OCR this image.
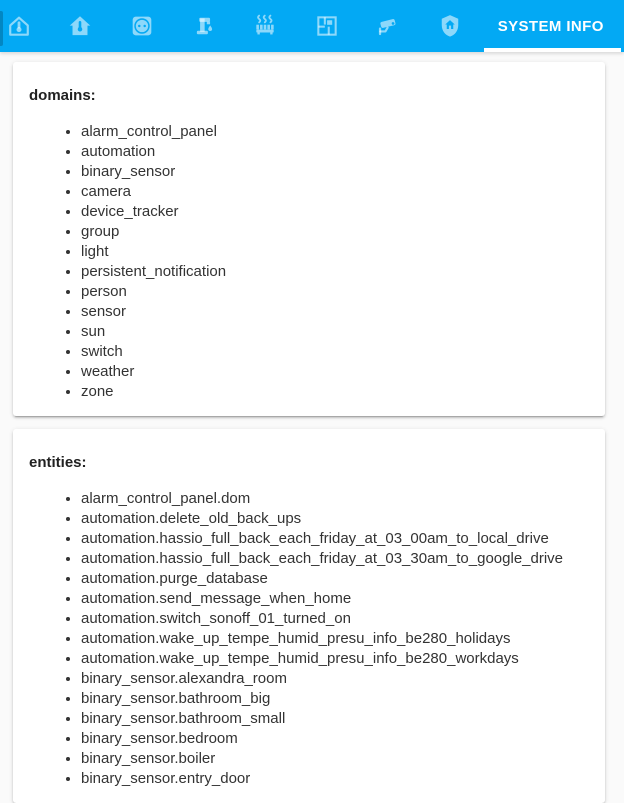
SYSTEM INFO
domains:
• alarm_control_panel
• automation
• binary_sensor
• camera
• device_tracker
• group
• light
• persistent_notification
• person
• sensor
• sun
• switch
• weather
• zone
entities:
• alarm_control_panel.dom
• automation.delete_old_back_ups
• automation.hassio_full_back_each_friday_at_03_00am_to_local_drive
• automation.hassio_full_back_each_friday_at_03_30am_to_google_drive
• automation.purge_database
• automation.send_message_when_home
• automation.switch_sonoff_01_turned_on
• automation.wake_up_tempe_humid_presu_info_be280_holidays
• automation.wake_up_tempe_humid_presu_info_be280_workdays
• binary_sensor.alexandra_room
• binary_sensor.bathroom_big
• binary_sensor.bathroom_small
• binary_sensor.bedroom
• binary_sensor.boiler
• binary_sensor.entry_door
